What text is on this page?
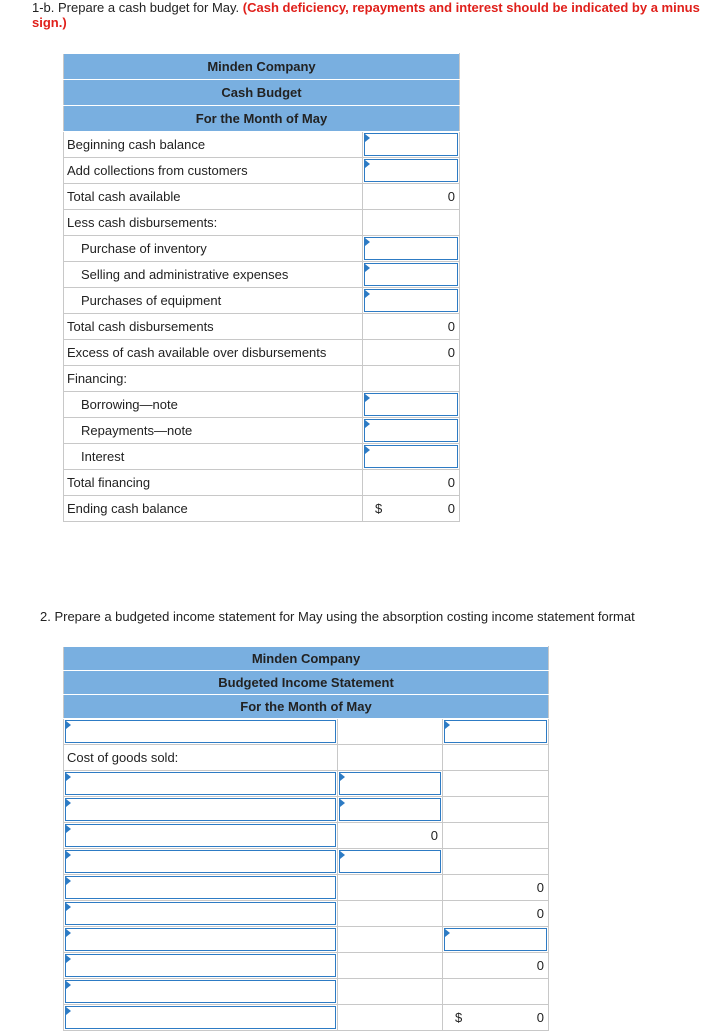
1-b. Prepare a cash budget for May. (Cash deficiency, repayments and interest should be indicated by a minus sign.)
Minden Company	
Cash Budget	
For the Month of May	
Beginning cash balance	

Add collections from customers	

Total cash available	0
Less cash disbursements:	
Purchase of inventory	

Selling and administrative expenses	

Purchases of equipment	

Total cash disbursements	0
Excess of cash available over disbursements	0
Financing:	
Borrowing—note	

Repayments—note	

Interest	

Total financing	0
Ending cash balance	$ 0
2. Prepare a budgeted income statement for May using the absorption costing income statement format
Minden Company		
Budgeted Income Statement		
For the Month of May		

Cost of goods sold:		

	0	

		0

		0

		0

		$ 0
